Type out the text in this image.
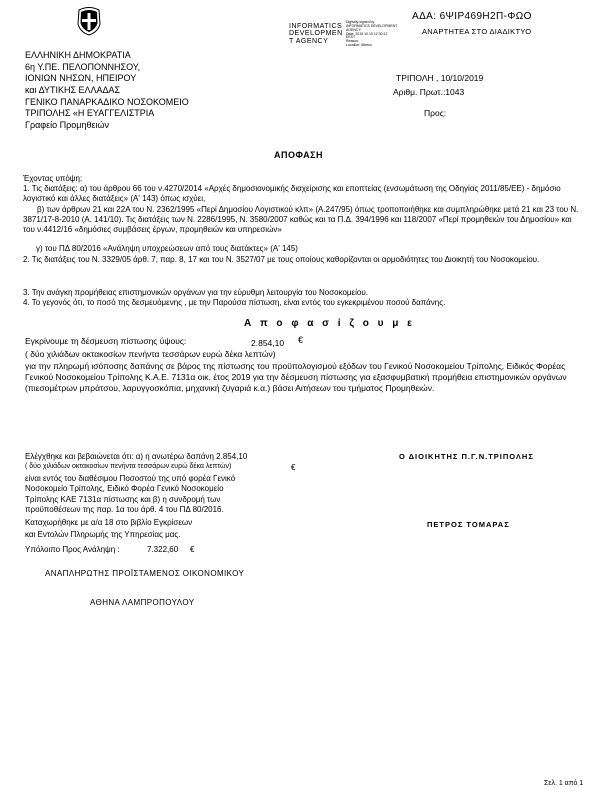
ΑΔΑ: 6ΨΙΡ469Η2Π-ΦΩΟ
ΑΝΑΡΤΗΤΕΑ ΣΤΟ ΔΙΑΔΙΚΤΥΟ
INFORMATICS
DEVELOPMEN
T AGENCY
Digitally signed by
INFORMATICS DEVELOPMENT
AGENCY
Date: 2019.10.10 12:30:12
EEST
Reason:
Location: Athens
ΕΛΛΗΝΙΚΗ ΔΗΜΟΚΡΑΤΙΑ
6η Υ.ΠΕ. ΠΕΛΟΠΟΝΝΗΣΟΥ,
ΙΟΝΙΩΝ ΝΗΣΩΝ, ΗΠΕΙΡΟΥ
και ΔΥΤΙΚΗΣ ΕΛΛΑΔΑΣ
ΓΕΝΙΚΟ ΠΑΝΑΡΚΑΔΙΚΟ ΝΟΣΟΚΟΜΕΙΟ
ΤΡΙΠΟΛΗΣ «Η ΕΥΑΓΓΕΛΙΣΤΡΙΑ
Γραφείο Προμηθειών
ΤΡΙΠΟΛΗ , 10/10/2019
Αριθμ. Πρωτ.:1043
Προς:
ΑΠΟΦΑΣΗ
Έχοντας υπόψη:
1. Τις διατάξεις: α) του άρθρου 66 του ν.4270/2014 «Αρχές δημοσιονομικής διαχείρισης και εποπτείας (ενσωμάτωση της Οδηγίας 2011/85/ΕΕ) - δημόσιο λογιστικό και άλλες διατάξεις» (Α' 143) όπως ισχύει,
β) των άρθρων 21 και 22Α του Ν. 2362/1995 «Περί Δημοσίου Λογιστικού κλπ» (Α.247/95) όπως τροποποιήθηκε και συμπληρώθηκε μετά 21 και 23 του Ν. 3871/17-8-2010 (Α. 141/10). Τις διατάξεις των Ν. 2286/1995, Ν. 3580/2007 καθώς και τα Π.Δ. 394/1996 και 118/2007 «Περί προμηθειών του Δημοσίου» και του ν.4412/16 «δημόσιες συμβάσεις έργων, προμηθειών και υπηρεσιών»
γ) του ΠΔ 80/2016 «Ανάληψη υποχρεώσεων από τους διατάκτες» (Α' 145)
2. Τις διατάξεις του Ν. 3329/05 άρθ. 7, παρ. 8, 17 και του Ν. 3527/07 με τους οποίους καθορίζονται οι αρμοδιότητες του Διοικητή του Νοσοκομείου.
3. Την ανάγκη προμήθειας επιστημονικών οργάνων για την εύρυθμη λειτουργία του Νοσοκομείου.
4. Το γεγονός ότι, το ποσό της δεσμευόμενης , με την Παρούσα πίστωση, είναι εντός του εγκεκριμένου ποσού δαπάνης.
Α π ο φ α σ ί ζ ο υ μ ε
Εγκρίνουμε τη δέσμευση πίστωσης ύψους:	2.854,10 €
( δύο χιλιάδων οκτακοσίων πενήντα τεσσάρων ευρώ δέκα λεπτών)
για την πληρωμή ισόποσης δαπάνης σε βάρος της πίστωσης του προϋπολογισμού εξόδων του Γενικού Νοσοκομείου Τρίπολης, Ειδικός Φορέας Γενικού Νοσοκομείου Τρίπολης Κ.Α.Ε. 7131α οικ. έτος 2019 για την δέσμευση πίστωσης για εξασφυμβατική προμήθεια επιστημονικών οργάνων (πιεσομέτρων μπράτσου, λαρυγγοσκόπια, μηχανική ζυγαριά κ.α.) βάσει Αιτήσεων του τμήματος Προμηθειών.
Ελέγχθηκε και βεβαιώνεται ότι: α) η ανωτέρω δαπάνη 2.854,10
( δύο χιλιάδων οκτακοσίων πενήντα τεσσάρων ευρώ δέκα λεπτών)	€
είναι εντός του διαθέσιμου Ποσοστού της υπό φορέα Γενικό
Νοσοκομείο Τρίπολης, Ειδικό Φορέα Γενικό Νοσοκομείο
Τρίπολης ΚΑΕ 7131α πίστωσης και β) η συνδρομή των
προϋποθέσεων της παρ. 1α του άρθ. 4 του ΠΔ 80/2016.
Καταχωρήθηκε με α/α 18 στο βιβλίο Εγκρίσεων
και Εντολών Πληρωμής της Υπηρεσίας μας.
Υπόλοιπο Προς Ανάληψη :	7.322,60 €
Ο ΔΙΟΙΚΗΤΗΣ Π.Γ.Ν.ΤΡΙΠΟΛΗΣ
ΠΕΤΡΟΣ ΤΟΜΑΡΑΣ
ΑΝΑΠΛΗΡΩΤΗΣ ΠΡΟΪΣΤΑΜΕΝΟΣ ΟΙΚΟΝΟΜΙΚΟΥ
ΑΘΗΝΑ ΛΑΜΠΡΟΠΟΥΛΟΥ
Σελ. 1 από 1
